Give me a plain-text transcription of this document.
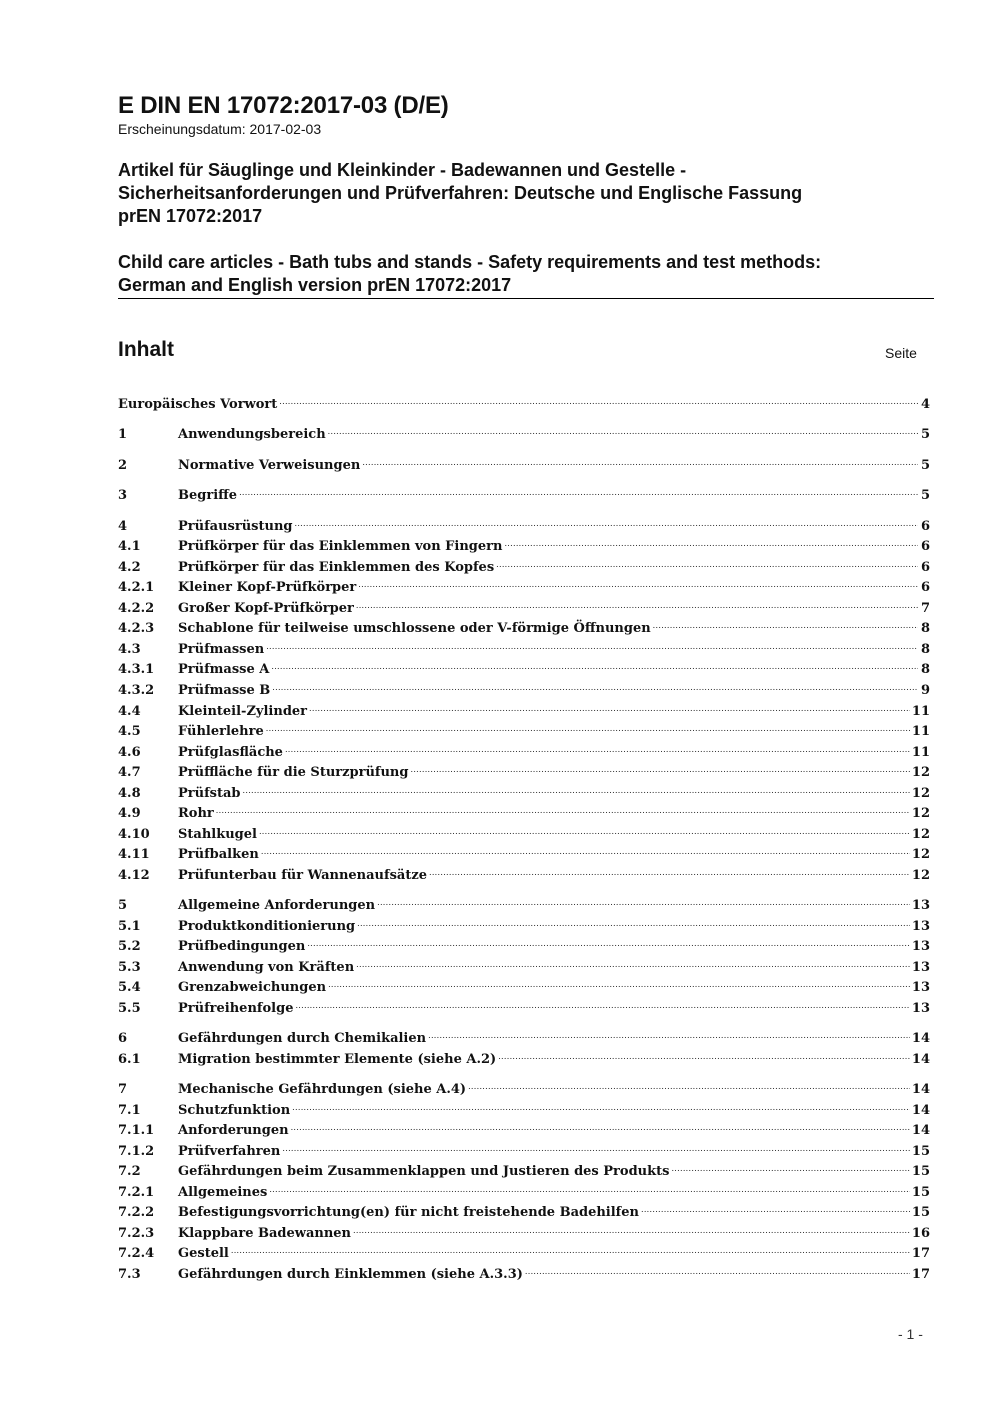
E DIN EN 17072:2017-03 (D/E)

Erscheinungsdatum: 2017-02-03

Artikel für Säuglinge und Kleinkinder - Badewannen und Gestelle -
Sicherheitsanforderungen und Prüfverfahren: Deutsche und Englische Fassung
prEN 17072:2017
Child care articles - Bath tubs and stands - Safety requirements and test methods:
German and English version prEN 17072:2017
Inhalt	Seite
Europäisches Vorwort .....	4
1	Anwendungsbereich .....	5
2	Normative Verweisungen .....	5
3	Begriffe .....	5
4	Prüfausrüstung .....	6
4.1	Prüfkörper für das Einklemmen von Fingern .....	6
4.2	Prüfkörper für das Einklemmen des Kopfes .....	6
4.2.1	Kleiner Kopf-Prüfkörper .....	6
4.2.2	Großer Kopf-Prüfkörper .....	7
4.2.3	Schablone für teilweise umschlossene oder V-förmige Öffnungen .....	8
4.3	Prüfmassen .....	8
4.3.1	Prüfmasse A .....	8
4.3.2	Prüfmasse B .....	9
4.4	Kleinteil-Zylinder .....	11
4.5	Fühlerlehre .....	11
4.6	Prüfglasfläche .....	11
4.7	Prüffläche für die Sturzprüfung .....	12
4.8	Prüfstab .....	12
4.9	Rohr .....	12
4.10	Stahlkugel .....	12
4.11	Prüfbalken .....	12
4.12	Prüfunterbau für Wannenaufsätze .....	12
5	Allgemeine Anforderungen .....	13
5.1	Produktkonditionierung .....	13
5.2	Prüfbedingungen .....	13
5.3	Anwendung von Kräften .....	13
5.4	Grenzabweichungen .....	13
5.5	Prüfreihenfolge .....	13
6	Gefährdungen durch Chemikalien .....	14
6.1	Migration bestimmter Elemente (siehe A.2) .....	14
7	Mechanische Gefährdungen (siehe A.4) .....	14
7.1	Schutzfunktion .....	14
7.1.1	Anforderungen .....	14
7.1.2	Prüfverfahren .....	15
7.2	Gefährdungen beim Zusammenklappen und Justieren des Produkts .....	15
7.2.1	Allgemeines .....	15
7.2.2	Befestigungsvorrichtung(en) für nicht freistehende Badehilfen .....	15
7.2.3	Klappbare Badewannen .....	16
7.2.4	Gestell .....	17
7.3	Gefährdungen durch Einklemmen (siehe A.3.3) .....	17
- 1 -
